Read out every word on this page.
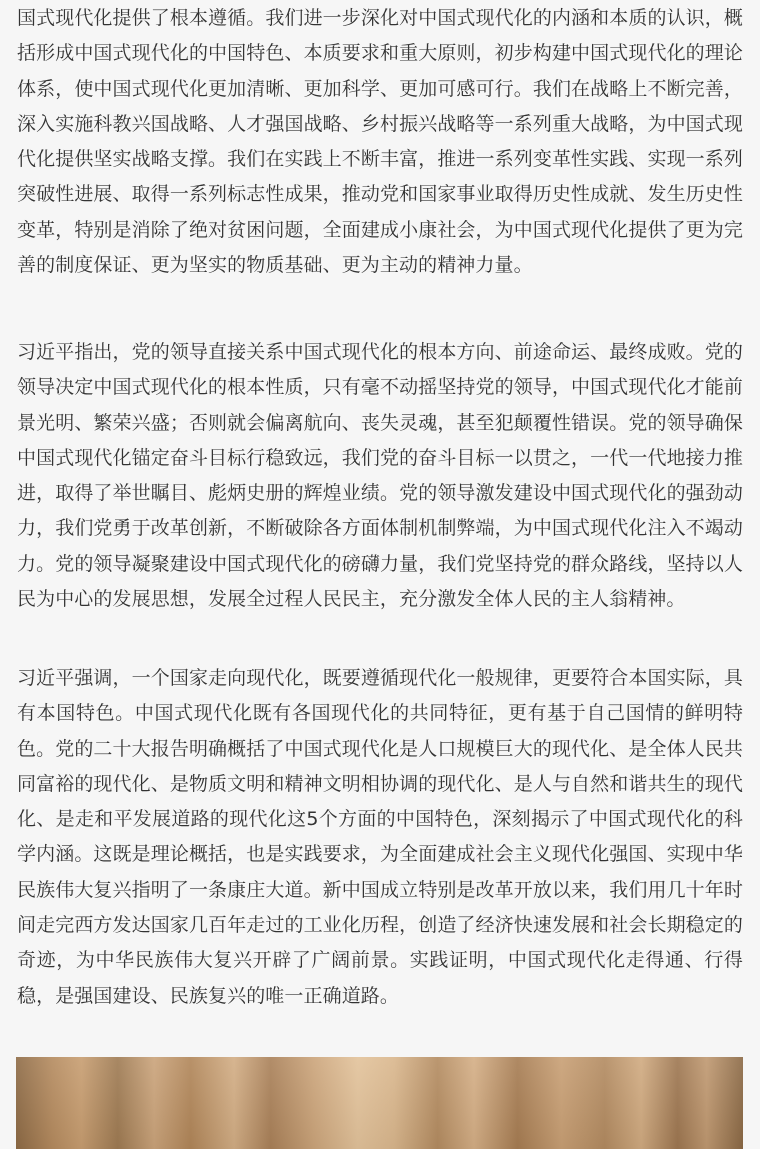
国式现代化提供了根本遵循。我们进一步深化对中国式现代化的内涵和本质的认识，概括形成中国式现代化的中国特色、本质要求和重大原则，初步构建中国式现代化的理论体系，使中国式现代化更加清晰、更加科学、更加可感可行。我们在战略上不断完善，深入实施科教兴国战略、人才强国战略、乡村振兴战略等一系列重大战略，为中国式现代化提供坚实战略支撑。我们在实践上不断丰富，推进一系列变革性实践、实现一系列突破性进展、取得一系列标志性成果，推动党和国家事业取得历史性成就、发生历史性变革，特别是消除了绝对贫困问题，全面建成小康社会，为中国式现代化提供了更为完善的制度保证、更为坚实的物质基础、更为主动的精神力量。

习近平指出，党的领导直接关系中国式现代化的根本方向、前途命运、最终成败。党的领导决定中国式现代化的根本性质，只有毫不动摇坚持党的领导，中国式现代化才能前景光明、繁荣兴盛；否则就会偏离航向、丧失灵魂，甚至犯颠覆性错误。党的领导确保中国式现代化锚定奋斗目标行稳致远，我们党的奋斗目标一以贯之，一代一代地接力推进，取得了举世瞩目、彪炳史册的辉煌业绩。党的领导激发建设中国式现代化的强劲动力，我们党勇于改革创新，不断破除各方面体制机制弊端，为中国式现代化注入不竭动力。党的领导凝聚建设中国式现代化的磅礴力量，我们党坚持党的群众路线，坚持以人民为中心的发展思想，发展全过程人民民主，充分激发全体人民的主人翁精神。

习近平强调，一个国家走向现代化，既要遵循现代化一般规律，更要符合本国实际，具有本国特色。中国式现代化既有各国现代化的共同特征，更有基于自己国情的鲜明特色。党的二十大报告明确概括了中国式现代化是人口规模巨大的现代化、是全体人民共同富裕的现代化、是物质文明和精神文明相协调的现代化、是人与自然和谐共生的现代化、是走和平发展道路的现代化这5个方面的中国特色，深刻揭示了中国式现代化的科学内涵。这既是理论概括，也是实践要求，为全面建成社会主义现代化强国、实现中华民族伟大复兴指明了一条康庄大道。新中国成立特别是改革开放以来，我们用几十年时间走完西方发达国家几百年走过的工业化历程，创造了经济快速发展和社会长期稳定的奇迹，为中华民族伟大复兴开辟了广阔前景。实践证明，中国式现代化走得通、行得稳，是强国建设、民族复兴的唯一正确道路。
